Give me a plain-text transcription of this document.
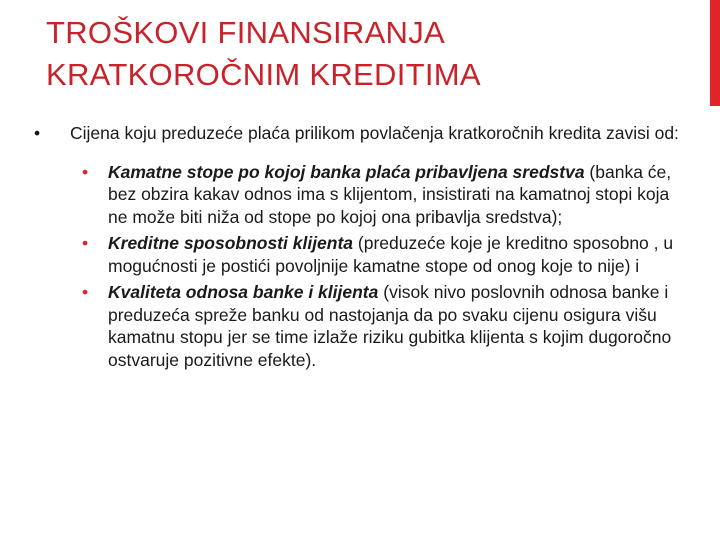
TROŠKOVI FINANSIRANJA
KRATKOROČNIM KREDITIMA
• Cijena koju preduzeće plaća prilikom povlačenja kratkoročnih kredita zavisi od:

• Kamatne stope po kojoj banka plaća pribavljena sredstva (banka će, bez obzira kakav odnos ima s klijentom, insistirati na kamatnoj stopi koja ne može biti niža od stope po kojoj ona pribavlja sredstva);

• Kreditne sposobnosti klijenta (preduzeće koje je kreditno sposobno , u mogućnosti je postići povoljnije kamatne stope od onog koje to nije) i

• Kvaliteta odnosa banke i klijenta (visok nivo poslovnih odnosa banke i preduzeća sprežе banku od nastojanja da po svaku cijenu osigura višu kamatnu stopu jer se time izlaže riziku gubitka klijenta s kojim dugoročno ostvaruje pozitivne efekte).
